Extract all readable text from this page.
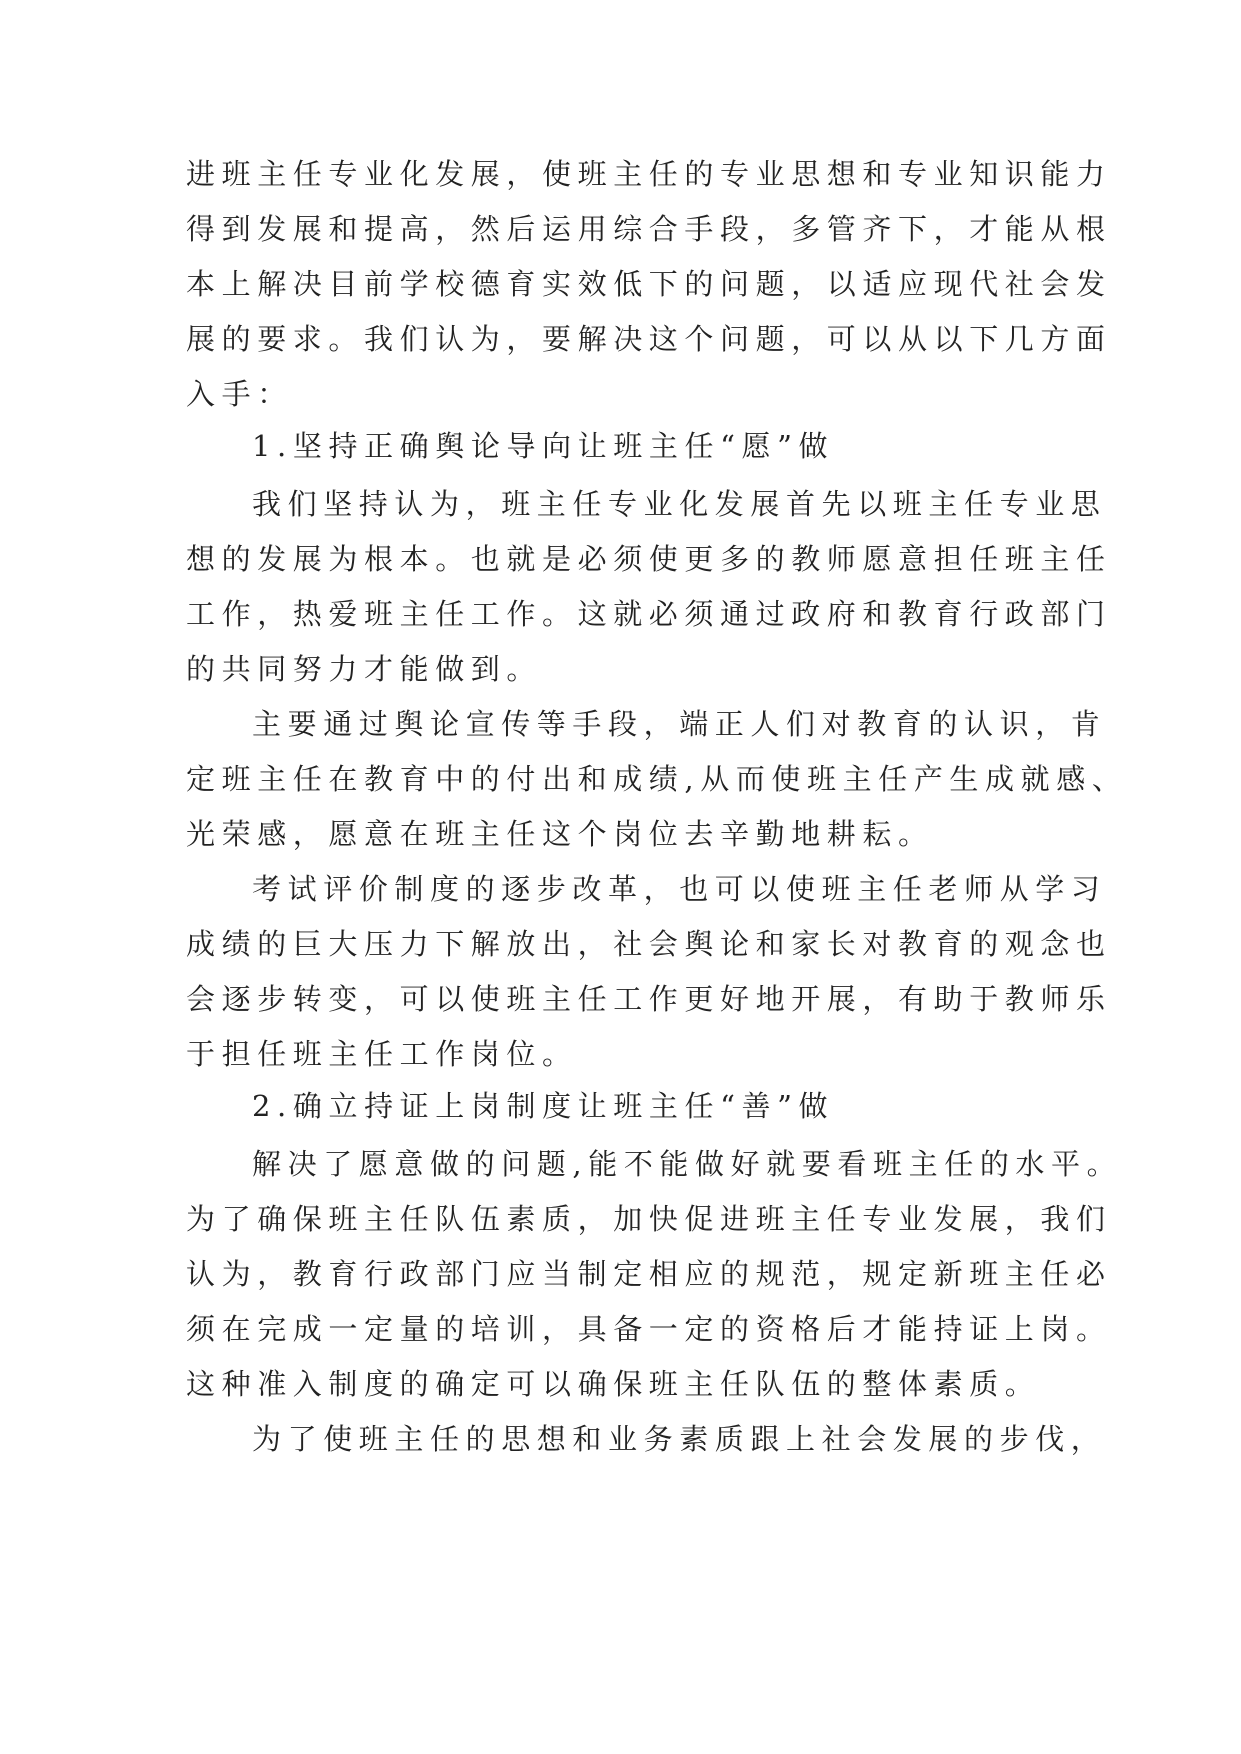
进班主任专业化发展，使班主任的专业思想和专业知识能力
得到发展和提高，然后运用综合手段，多管齐下，才能从根
本上解决目前学校德育实效低下的问题，以适应现代社会发
展的要求。我们认为，要解决这个问题，可以从以下几方面
入手：
1.坚持正确舆论导向让班主任“愿”做
我们坚持认为，班主任专业化发展首先以班主任专业思
想的发展为根本。也就是必须使更多的教师愿意担任班主任
工作，热爱班主任工作。这就必须通过政府和教育行政部门
的共同努力才能做到。
主要通过舆论宣传等手段，端正人们对教育的认识，肯
定班主任在教育中的付出和成绩,从而使班主任产生成就感、
光荣感，愿意在班主任这个岗位去辛勤地耕耘。
考试评价制度的逐步改革，也可以使班主任老师从学习
成绩的巨大压力下解放出，社会舆论和家长对教育的观念也
会逐步转变，可以使班主任工作更好地开展，有助于教师乐
于担任班主任工作岗位。
2.确立持证上岗制度让班主任“善”做
解决了愿意做的问题,能不能做好就要看班主任的水平。
为了确保班主任队伍素质，加快促进班主任专业发展，我们
认为，教育行政部门应当制定相应的规范，规定新班主任必
须在完成一定量的培训，具备一定的资格后才能持证上岗。
这种准入制度的确定可以确保班主任队伍的整体素质。
为了使班主任的思想和业务素质跟上社会发展的步伐，
